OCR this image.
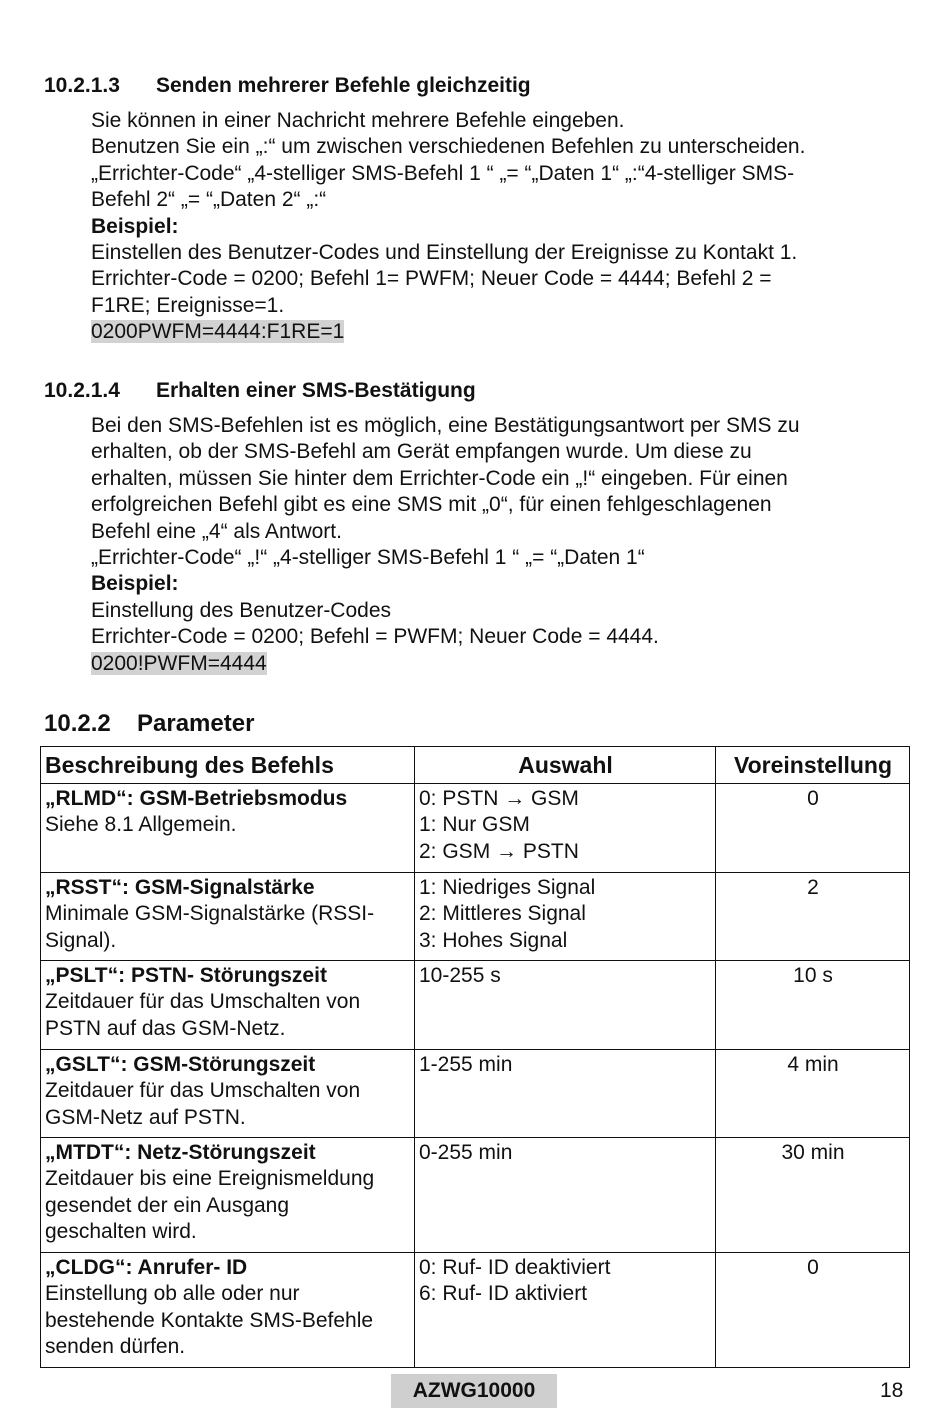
10.2.1.3 Senden mehrerer Befehle gleichzeitig

Sie können in einer Nachricht mehrere Befehle eingeben.

Benutzen Sie ein „:“ um zwischen verschiedenen Befehlen zu unterscheiden.

„Errichter-Code“ „4-stelliger SMS-Befehl 1 “ „= “„Daten 1“ „:“4-stelliger SMS-

Befehl 2“ „= “„Daten 2“ „:“

Beispiel:

Einstellen des Benutzer-Codes und Einstellung der Ereignisse zu Kontakt 1.

Errichter-Code = 0200; Befehl 1= PWFM; Neuer Code = 4444; Befehl 2 =

F1RE; Ereignisse=1.

0200PWFM=4444:F1RE=1

10.2.1.4 Erhalten einer SMS-Bestätigung

Bei den SMS-Befehlen ist es möglich, eine Bestätigungsantwort per SMS zu

erhalten, ob der SMS-Befehl am Gerät empfangen wurde. Um diese zu

erhalten, müssen Sie hinter dem Errichter-Code ein „!“ eingeben. Für einen

erfolgreichen Befehl gibt es eine SMS mit „0“, für einen fehlgeschlagenen

Befehl eine „4“ als Antwort.

„Errichter-Code“ „!“ „4-stelliger SMS-Befehl 1 “ „= “„Daten 1“

Beispiel:

Einstellung des Benutzer-Codes

Errichter-Code = 0200; Befehl = PWFM; Neuer Code = 4444.

0200!PWFM=4444

10.2.2 Parameter
Beschreibung des Befehls	Auswahl	Voreinstellung

„RLMD“: GSM-Betriebsmodus
Siehe 8.1 Allgemein.	0: PSTN → GSM
1: Nur GSM
2: GSM → PSTN	0

„RSST“: GSM-Signalstärke
Minimale GSM-Signalstärke (RSSI-
Signal).	1: Niedriges Signal
2: Mittleres Signal
3: Hohes Signal	2

„PSLT“: PSTN- Störungszeit
Zeitdauer für das Umschalten von
PSTN auf das GSM-Netz.	10-255 s	10 s

„GSLT“: GSM-Störungszeit
Zeitdauer für das Umschalten von
GSM-Netz auf PSTN.	1-255 min	4 min

„MTDT“: Netz-Störungszeit
Zeitdauer bis eine Ereignismeldung
gesendet der ein Ausgang
geschalten wird.	0-255 min	30 min

„CLDG“: Anrufer- ID
Einstellung ob alle oder nur
bestehende Kontakte SMS-Befehle
senden dürfen.	0: Ruf- ID deaktiviert
6: Ruf- ID aktiviert	0
AZWG10000	18
